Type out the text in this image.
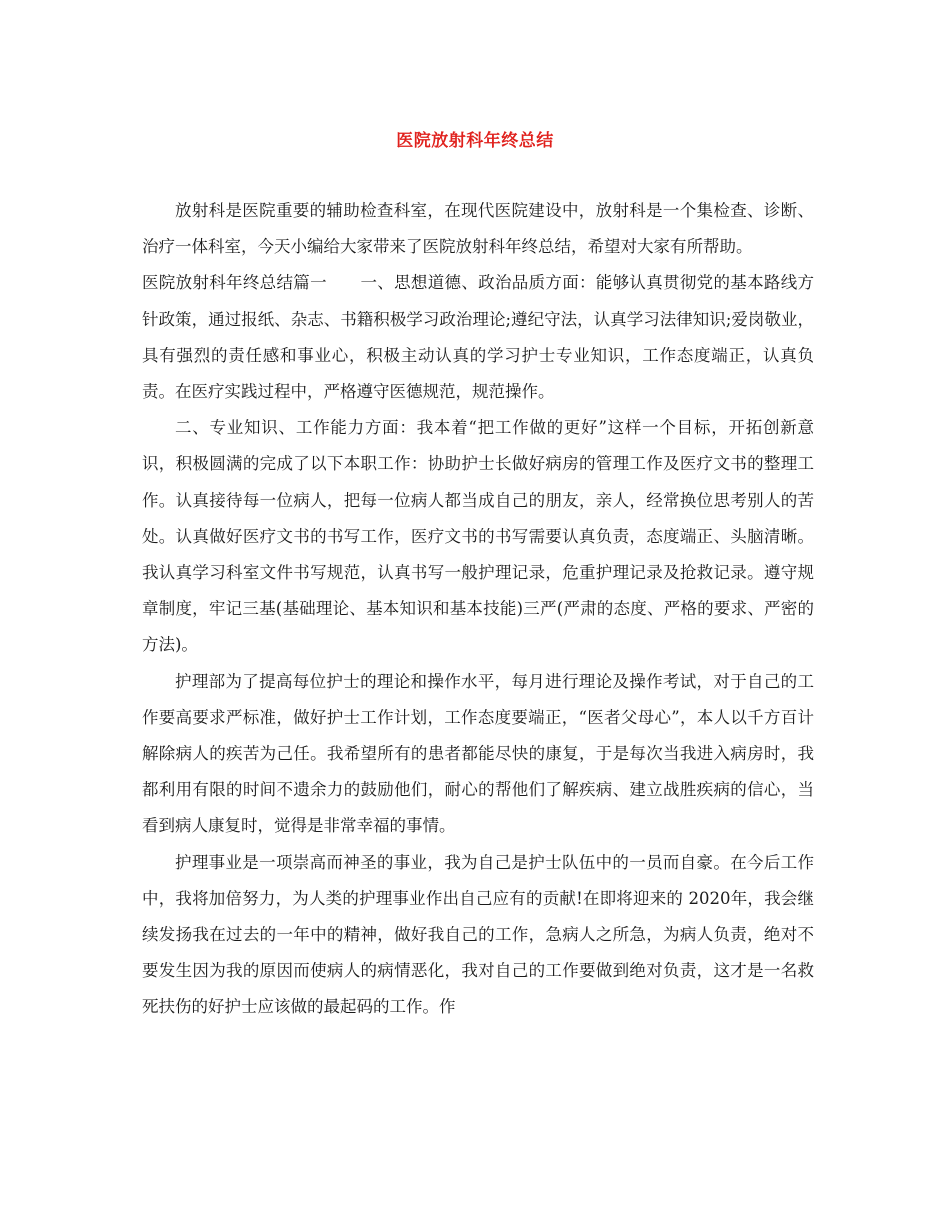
医院放射科年终总结

放射科是医院重要的辅助检查科室，在现代医院建设中，放射科是一个集检查、诊断、治疗一体科室，今天小编给大家带来了医院放射科年终总结，希望对大家有所帮助。

医院放射科年终总结篇一　　一、思想道德、政治品质方面：能够认真贯彻党的基本路线方针政策，通过报纸、杂志、书籍积极学习政治理论;遵纪守法，认真学习法律知识;爱岗敬业，具有强烈的责任感和事业心，积极主动认真的学习护士专业知识，工作态度端正，认真负责。在医疗实践过程中，严格遵守医德规范，规范操作。

二、专业知识、工作能力方面：我本着“把工作做的更好”这样一个目标，开拓创新意识，积极圆满的完成了以下本职工作：协助护士长做好病房的管理工作及医疗文书的整理工作。认真接待每一位病人，把每一位病人都当成自己的朋友，亲人，经常换位思考别人的苦处。认真做好医疗文书的书写工作，医疗文书的书写需要认真负责，态度端正、头脑清晰。我认真学习科室文件书写规范，认真书写一般护理记录，危重护理记录及抢救记录。遵守规章制度，牢记三基(基础理论、基本知识和基本技能)三严(严肃的态度、严格的要求、严密的方法)。

护理部为了提高每位护士的理论和操作水平，每月进行理论及操作考试，对于自己的工作要高要求严标准，做好护士工作计划，工作态度要端正，“医者父母心”，本人以千方百计解除病人的疾苦为己任。我希望所有的患者都能尽快的康复，于是每次当我进入病房时，我都利用有限的时间不遗余力的鼓励他们，耐心的帮他们了解疾病、建立战胜疾病的信心，当看到病人康复时，觉得是非常幸福的事情。

护理事业是一项崇高而神圣的事业，我为自己是护士队伍中的一员而自豪。在今后工作中，我将加倍努力，为人类的护理事业作出自己应有的贡献!在即将迎来的 2020年，我会继续发扬我在过去的一年中的精神，做好我自己的工作，急病人之所急，为病人负责，绝对不要发生因为我的原因而使病人的病情恶化，我对自己的工作要做到绝对负责，这才是一名救死扶伤的好护士应该做的最起码的工作。作
